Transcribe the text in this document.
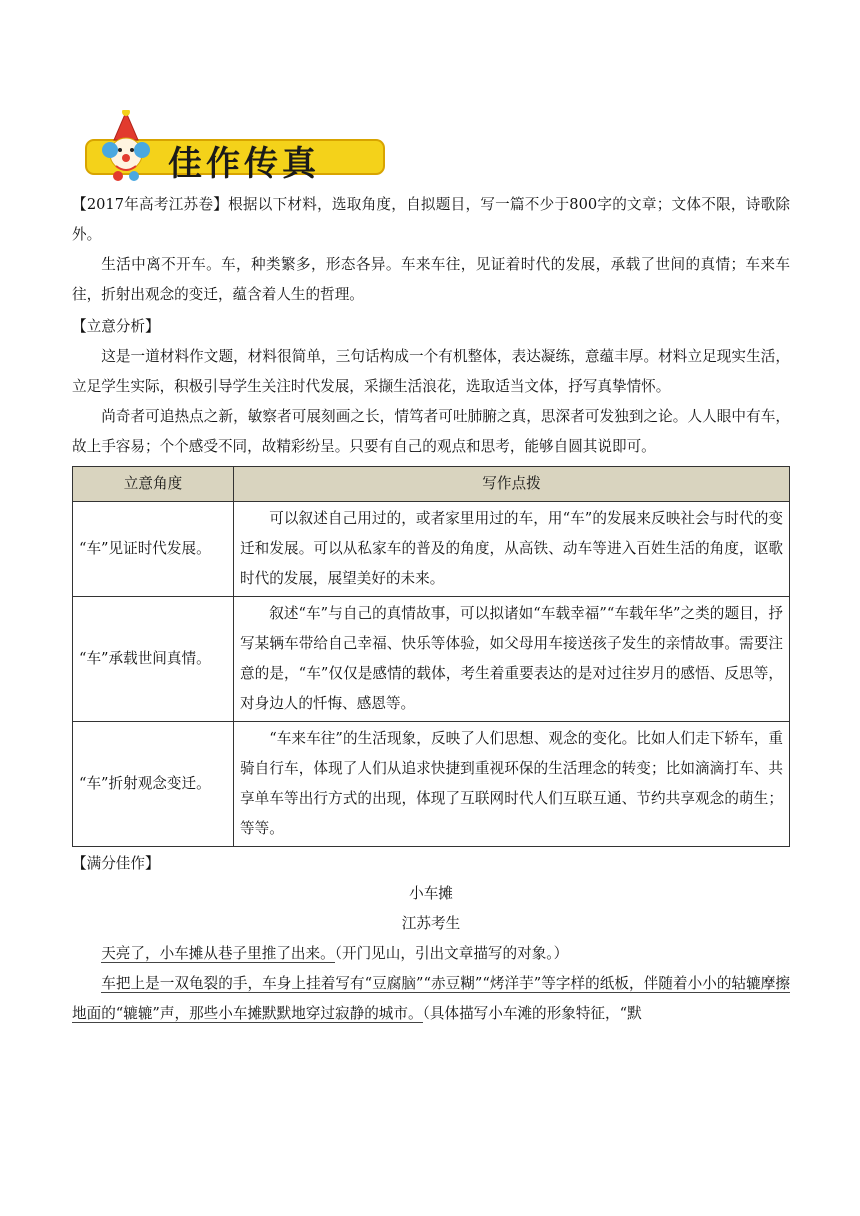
佳作传真

【2017年高考江苏卷】根据以下材料，选取角度，自拟题目，写一篇不少于800字的文章；文体不限，诗歌除外。

生活中离不开车。车，种类繁多，形态各异。车来车往，见证着时代的发展，承载了世间的真情；车来车往，折射出观念的变迁，蕴含着人生的哲理。

【立意分析】

这是一道材料作文题，材料很简单，三句话构成一个有机整体，表达凝练，意蕴丰厚。材料立足现实生活，立足学生实际，积极引导学生关注时代发展，采撷生活浪花，选取适当文体，抒写真挚情怀。

尚奇者可追热点之新，敏察者可展刻画之长，情笃者可吐肺腑之真，思深者可发独到之论。人人眼中有车，故上手容易；个个感受不同，故精彩纷呈。只要有自己的观点和思考，能够自圆其说即可。

立意角度	写作点拨
“车”见证时代发展。	可以叙述自己用过的，或者家里用过的车，用“车”的发展来反映社会与时代的变迁和发展。可以从私家车的普及的角度，从高铁、动车等进入百姓生活的角度，讴歌时代的发展，展望美好的未来。
“车”承载世间真情。	叙述“车”与自己的真情故事，可以拟诸如“车载幸福”“车载年华”之类的题目，抒写某辆车带给自己幸福、快乐等体验，如父母用车接送孩子发生的亲情故事。需要注意的是，“车”仅仅是感情的载体，考生着重要表达的是对过往岁月的感悟、反思等，对身边人的忏悔、感恩等。
“车”折射观念变迁。	“车来车往”的生活现象，反映了人们思想、观念的变化。比如人们走下轿车，重骑自行车，体现了人们从追求快捷到重视环保的生活理念的转变；比如滴滴打车、共享单车等出行方式的出现，体现了互联网时代人们互联互通、节约共享观念的萌生；等等。

【满分佳作】

小车摊

江苏考生

天亮了，小车摊从巷子里推了出来。（开门见山，引出文章描写的对象。）

车把上是一双龟裂的手，车身上挂着写有“豆腐脑”“赤豆糊”“烤洋芋”等字样的纸板，伴随着小小的轱辘摩擦地面的“辘辘”声，那些小车摊默默地穿过寂静的城市。（具体描写小车滩的形象特征，“默
